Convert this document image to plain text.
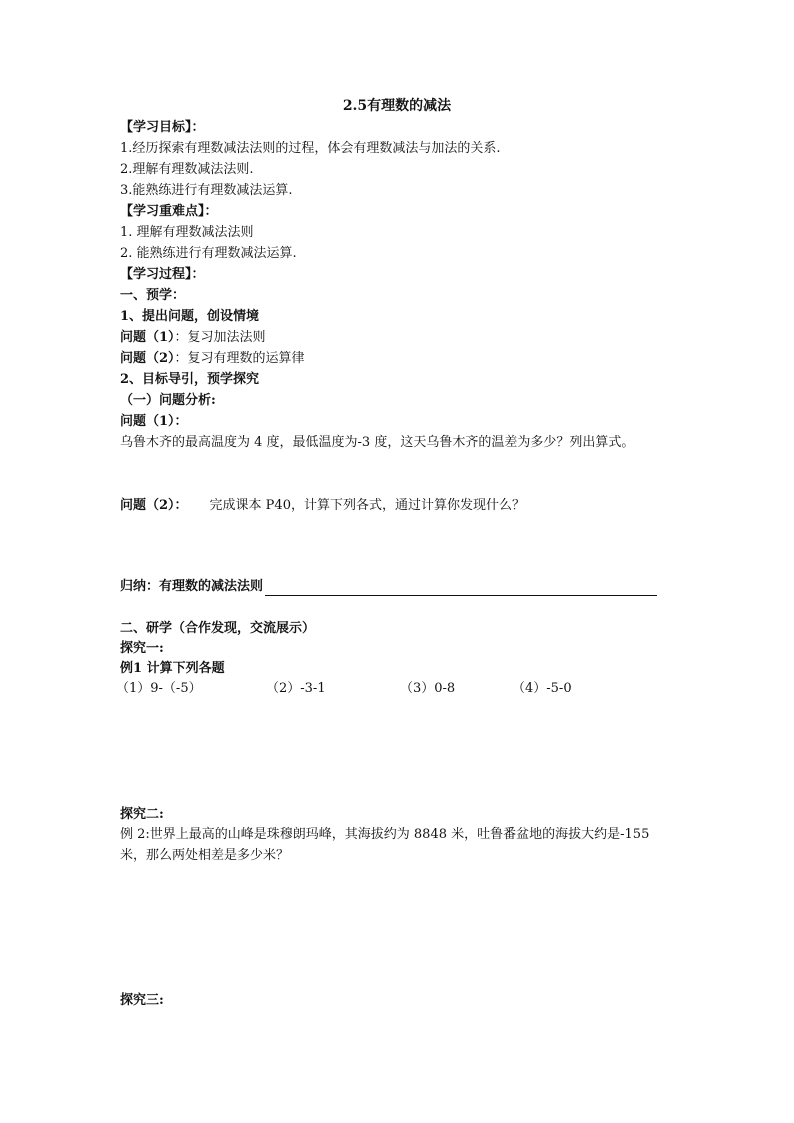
2.5有理数的减法
【学习目标】：
1.经历探索有理数减法法则的过程，体会有理数减法与加法的关系.
2.理解有理数减法法则.
3.能熟练进行有理数减法运算.
【学习重难点】：
1. 理解有理数减法法则
2. 能熟练进行有理数减法运算.
【学习过程】：
一、预学：
1、提出问题，创设情境
问题（1）：复习加法法则
问题（2）：复习有理数的运算律
2、目标导引，预学探究
（一）问题分析:
问题（1）：
乌鲁木齐的最高温度为 4 度，最低温度为-3 度，这天乌鲁木齐的温差为多少？列出算式。
问题（2）： 完成课本 P40，计算下列各式，通过计算你发现什么？
归纳：有理数的减法法则
二、研学（合作发现，交流展示）
探究一:
例1 计算下列各题
（1）9-（-5）	（2）-3-1	（3）0-8	（4）-5-0
探究二:
例 2:世界上最高的山峰是珠穆朗玛峰，其海拔约为 8848 米，吐鲁番盆地的海拔大约是-155
米，那么两处相差是多少米？
探究三:
